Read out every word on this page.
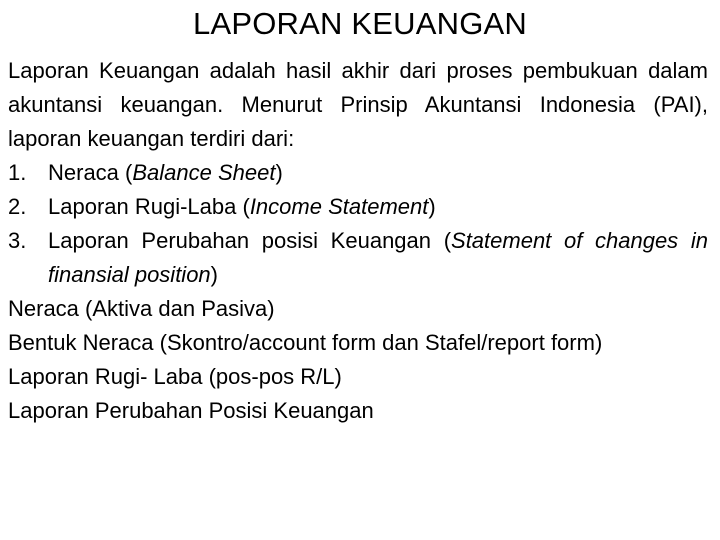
LAPORAN KEUANGAN
Laporan Keuangan adalah hasil akhir dari proses pembukuan dalam akuntansi keuangan. Menurut Prinsip Akuntansi Indonesia (PAI), laporan keuangan terdiri dari:
1. Neraca (Balance Sheet)
2. Laporan Rugi-Laba (Income Statement)
3. Laporan Perubahan posisi Keuangan (Statement of changes in finansial position)
Neraca (Aktiva dan Pasiva)
Bentuk Neraca (Skontro/account form dan Stafel/report form)
Laporan Rugi- Laba (pos-pos R/L)
Laporan Perubahan Posisi Keuangan
